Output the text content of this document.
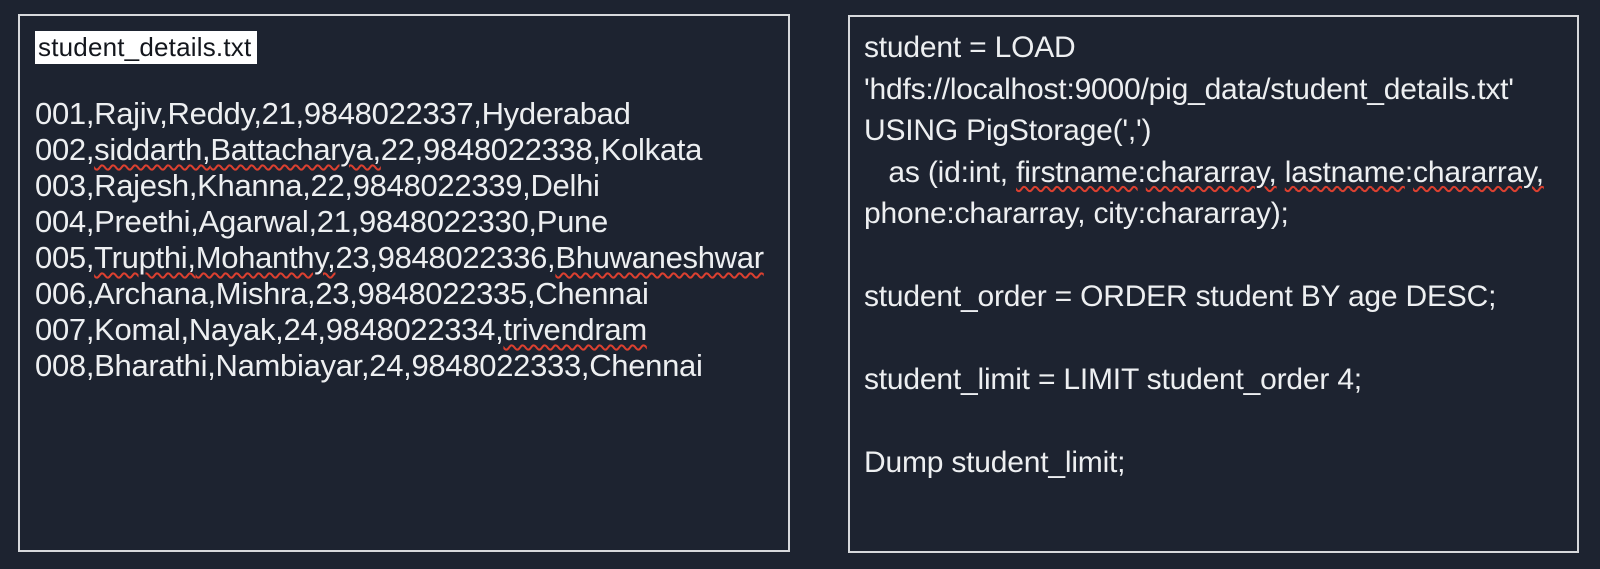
student_details.txt
001,Rajiv,Reddy,21,9848022337,Hyderabad
002,siddarth,Battacharya,22,9848022338,Kolkata
003,Rajesh,Khanna,22,9848022339,Delhi
004,Preethi,Agarwal,21,9848022330,Pune
005,Trupthi,Mohanthy,23,9848022336,Bhuwaneshwar
006,Archana,Mishra,23,9848022335,Chennai
007,Komal,Nayak,24,9848022334,trivendram
008,Bharathi,Nambiayar,24,9848022333,Chennai
student = LOAD
'hdfs://localhost:9000/pig_data/student_details.txt'
USING PigStorage(',')
as (id:int, firstname:chararray, lastname:chararray,
phone:chararray, city:chararray);

student_order = ORDER student BY age DESC;

student_limit = LIMIT student_order 4;

Dump student_limit;
